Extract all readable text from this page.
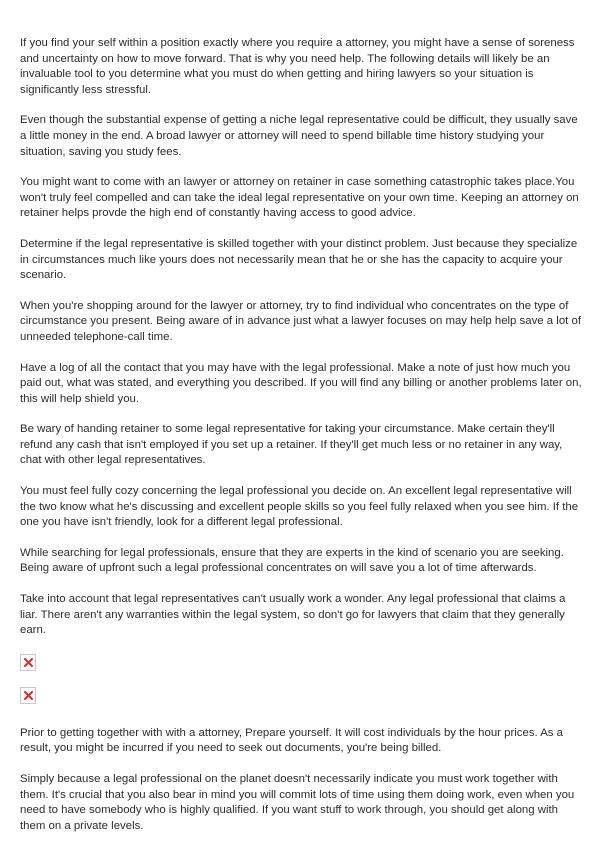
If you find your self within a position exactly where you require a attorney, you might have a sense of soreness and uncertainty on how to move forward. That is why you need help. The following details will likely be an invaluable tool to you determine what you must do when getting and hiring lawyers so your situation is significantly less stressful.

Even though the substantial expense of getting a niche legal representative could be difficult, they usually save a little money in the end. A broad lawyer or attorney will need to spend billable time history studying your situation, saving you study fees.

You might want to come with an lawyer or attorney on retainer in case something catastrophic takes place.You won't truly feel compelled and can take the ideal legal representative on your own time. Keeping an attorney on retainer helps provde the high end of constantly having access to good advice.

Determine if the legal representative is skilled together with your distinct problem. Just because they specialize in circumstances much like yours does not necessarily mean that he or she has the capacity to acquire your scenario.

When you're shopping around for the lawyer or attorney, try to find individual who concentrates on the type of circumstance you present. Being aware of in advance just what a lawyer focuses on may help help save a lot of unneeded telephone-call time.

Have a log of all the contact that you may have with the legal professional. Make a note of just how much you paid out, what was stated, and everything you described. If you will find any billing or another problems later on, this will help shield you.

Be wary of handing retainer to some legal representative for taking your circumstance. Make certain they'll refund any cash that isn't employed if you set up a retainer. If they'll get much less or no retainer in any way, chat with other legal representatives.

You must feel fully cozy concerning the legal professional you decide on. An excellent legal representative will the two know what he's discussing and excellent people skills so you feel fully relaxed when you see him. If the one you have isn't friendly, look for a different legal professional.

While searching for legal professionals, ensure that they are experts in the kind of scenario you are seeking. Being aware of upfront such a legal professional concentrates on will save you a lot of time afterwards.

Take into account that legal representatives can't usually work a wonder. Any legal professional that claims a liar. There aren't any warranties within the legal system, so don't go for lawyers that claim that they generally earn.

Prior to getting together with with a attorney, Prepare yourself. It will cost individuals by the hour prices. As a result, you might be incurred if you need to seek out documents, you're being billed.

Simply because a legal professional on the planet doesn't necessarily indicate you must work together with them. It's crucial that you also bear in mind you will commit lots of time using them doing work, even when you need to have somebody who is highly qualified. If you want stuff to work through, you should get along with them on a private levels.
